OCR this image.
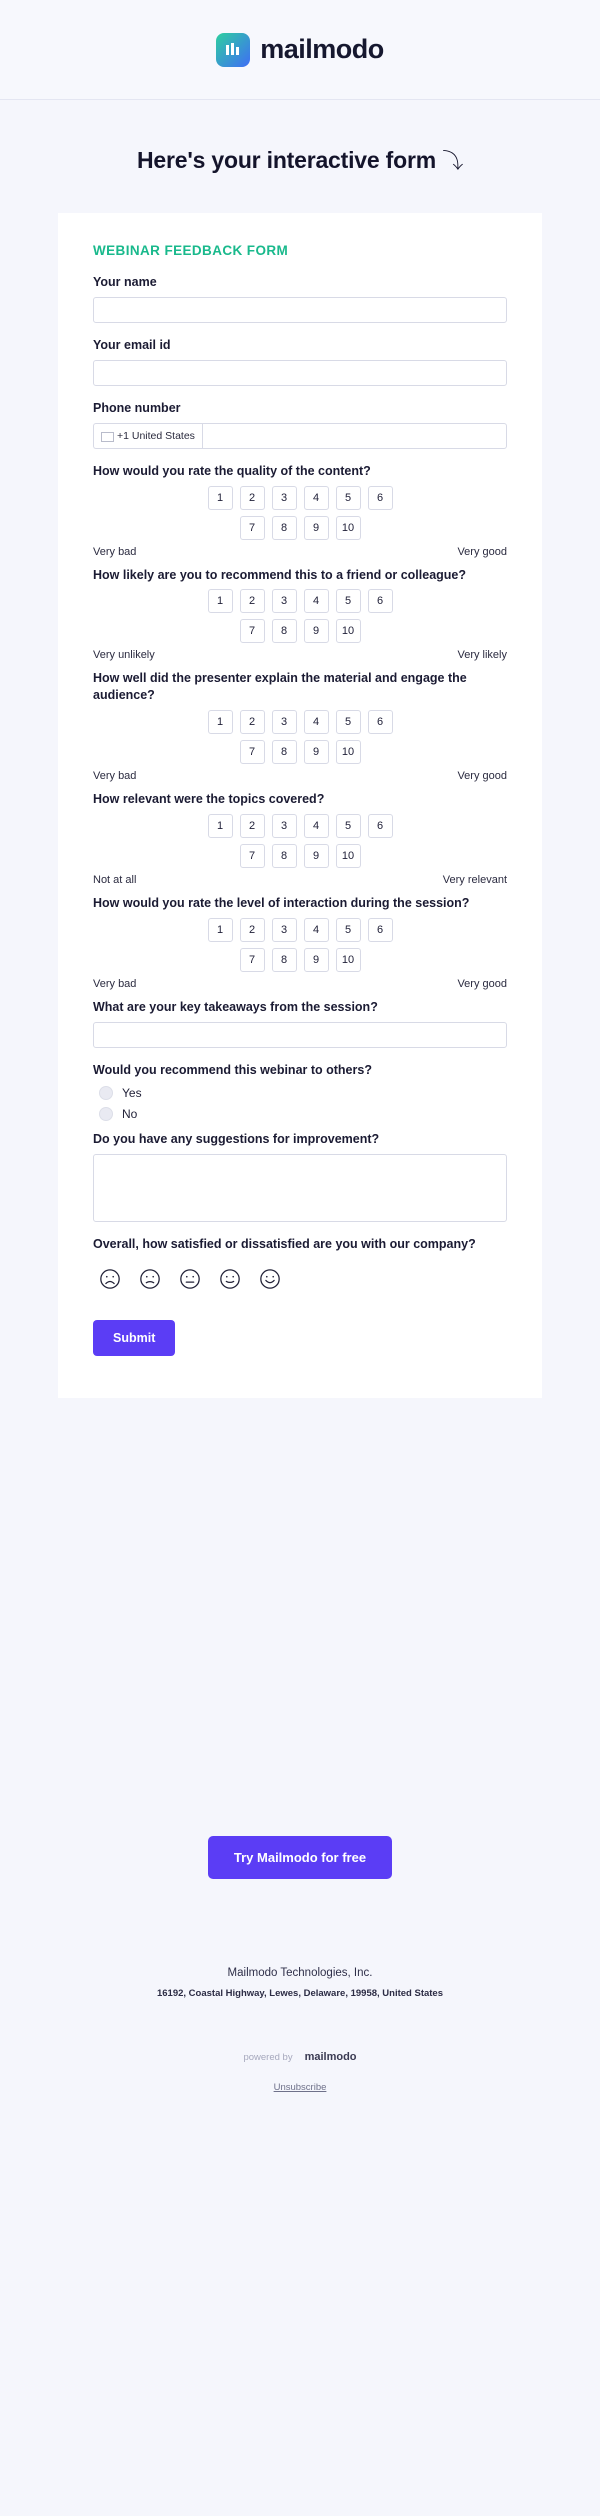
mailmodo
Here's your interactive form ⤵
WEBINAR FEEDBACK FORM
Your name
Your email id
Phone number
+1 United States
How would you rate the quality of the content?
1	2	3	4	5	6
7	8	9	10
Very bad	Very good
How likely are you to recommend this to a friend or colleague?
1	2	3	4	5	6
7	8	9	10
Very unlikely	Very likely
How well did the presenter explain the material and engage the audience?
1	2	3	4	5	6
7	8	9	10
Very bad	Very good
How relevant were the topics covered?
1	2	3	4	5	6
7	8	9	10
Not at all	Very relevant
How would you rate the level of interaction during the session?
1	2	3	4	5	6
7	8	9	10
Very bad	Very good
What are your key takeaways from the session?
Would you recommend this webinar to others?
Yes
No
Do you have any suggestions for improvement?
Overall, how satisfied or dissatisfied are you with our company?
Submit
Try Mailmodo for free
Mailmodo Technologies, Inc.
16192, Coastal Highway, Lewes, Delaware, 19958, United States
powered by mailmodo
Unsubscribe
